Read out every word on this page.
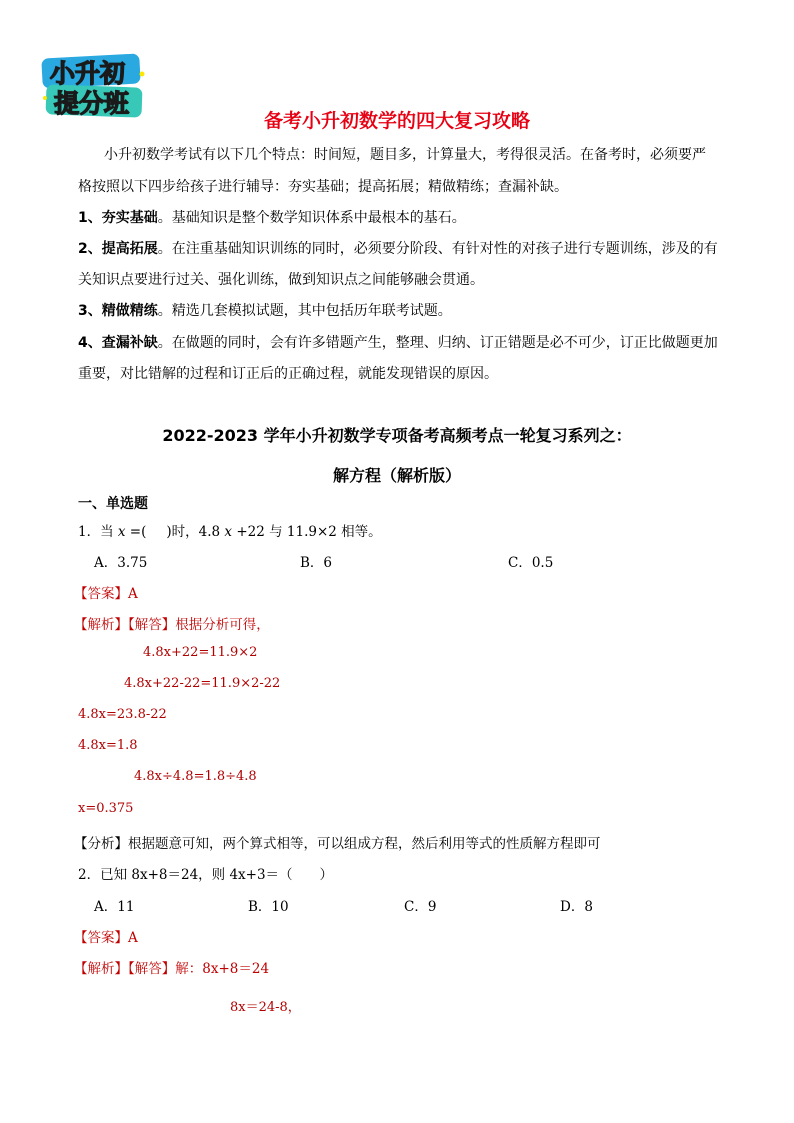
小升初
提分班
备考小升初数学的四大复习攻略
小升初数学考试有以下几个特点：时间短，题目多，计算量大，考得很灵活。在备考时，必须要严
格按照以下四步给孩子进行辅导：夯实基础；提高拓展；精做精练；查漏补缺。
1、夯实基础。基础知识是整个数学知识体系中最根本的基石。
2、提高拓展。在注重基础知识训练的同时，必须要分阶段、有针对性的对孩子进行专题训练，涉及的有
关知识点要进行过关、强化训练，做到知识点之间能够融会贯通。
3、精做精练。精选几套模拟试题，其中包括历年联考试题。
4、查漏补缺。在做题的同时，会有许多错题产生，整理、归纳、订正错题是必不可少，订正比做题更加
重要，对比错解的过程和订正后的正确过程，就能发现错误的原因。
2022-2023 学年小升初数学专项备考高频考点一轮复习系列之：
解方程（解析版）
一、单选题
1．当 x =( )时，4.8 x +22 与 11.9×2 相等。
A．3.75	B．6	C．0.5
【答案】A
【解析】【解答】根据分析可得，
4.8x+22=11.9×2
4.8x+22-22=11.9×2-22
4.8x=23.8-22
4.8x=1.8
4.8x÷4.8=1.8÷4.8
x=0.375
【分析】根据题意可知，两个算式相等，可以组成方程，然后利用等式的性质解方程即可
2．已知 8x+8＝24，则 4x+3＝（　　）
A．11	B．10	C．9	D．8
【答案】A
【解析】【解答】解：8x+8＝24
8x＝24-8，
